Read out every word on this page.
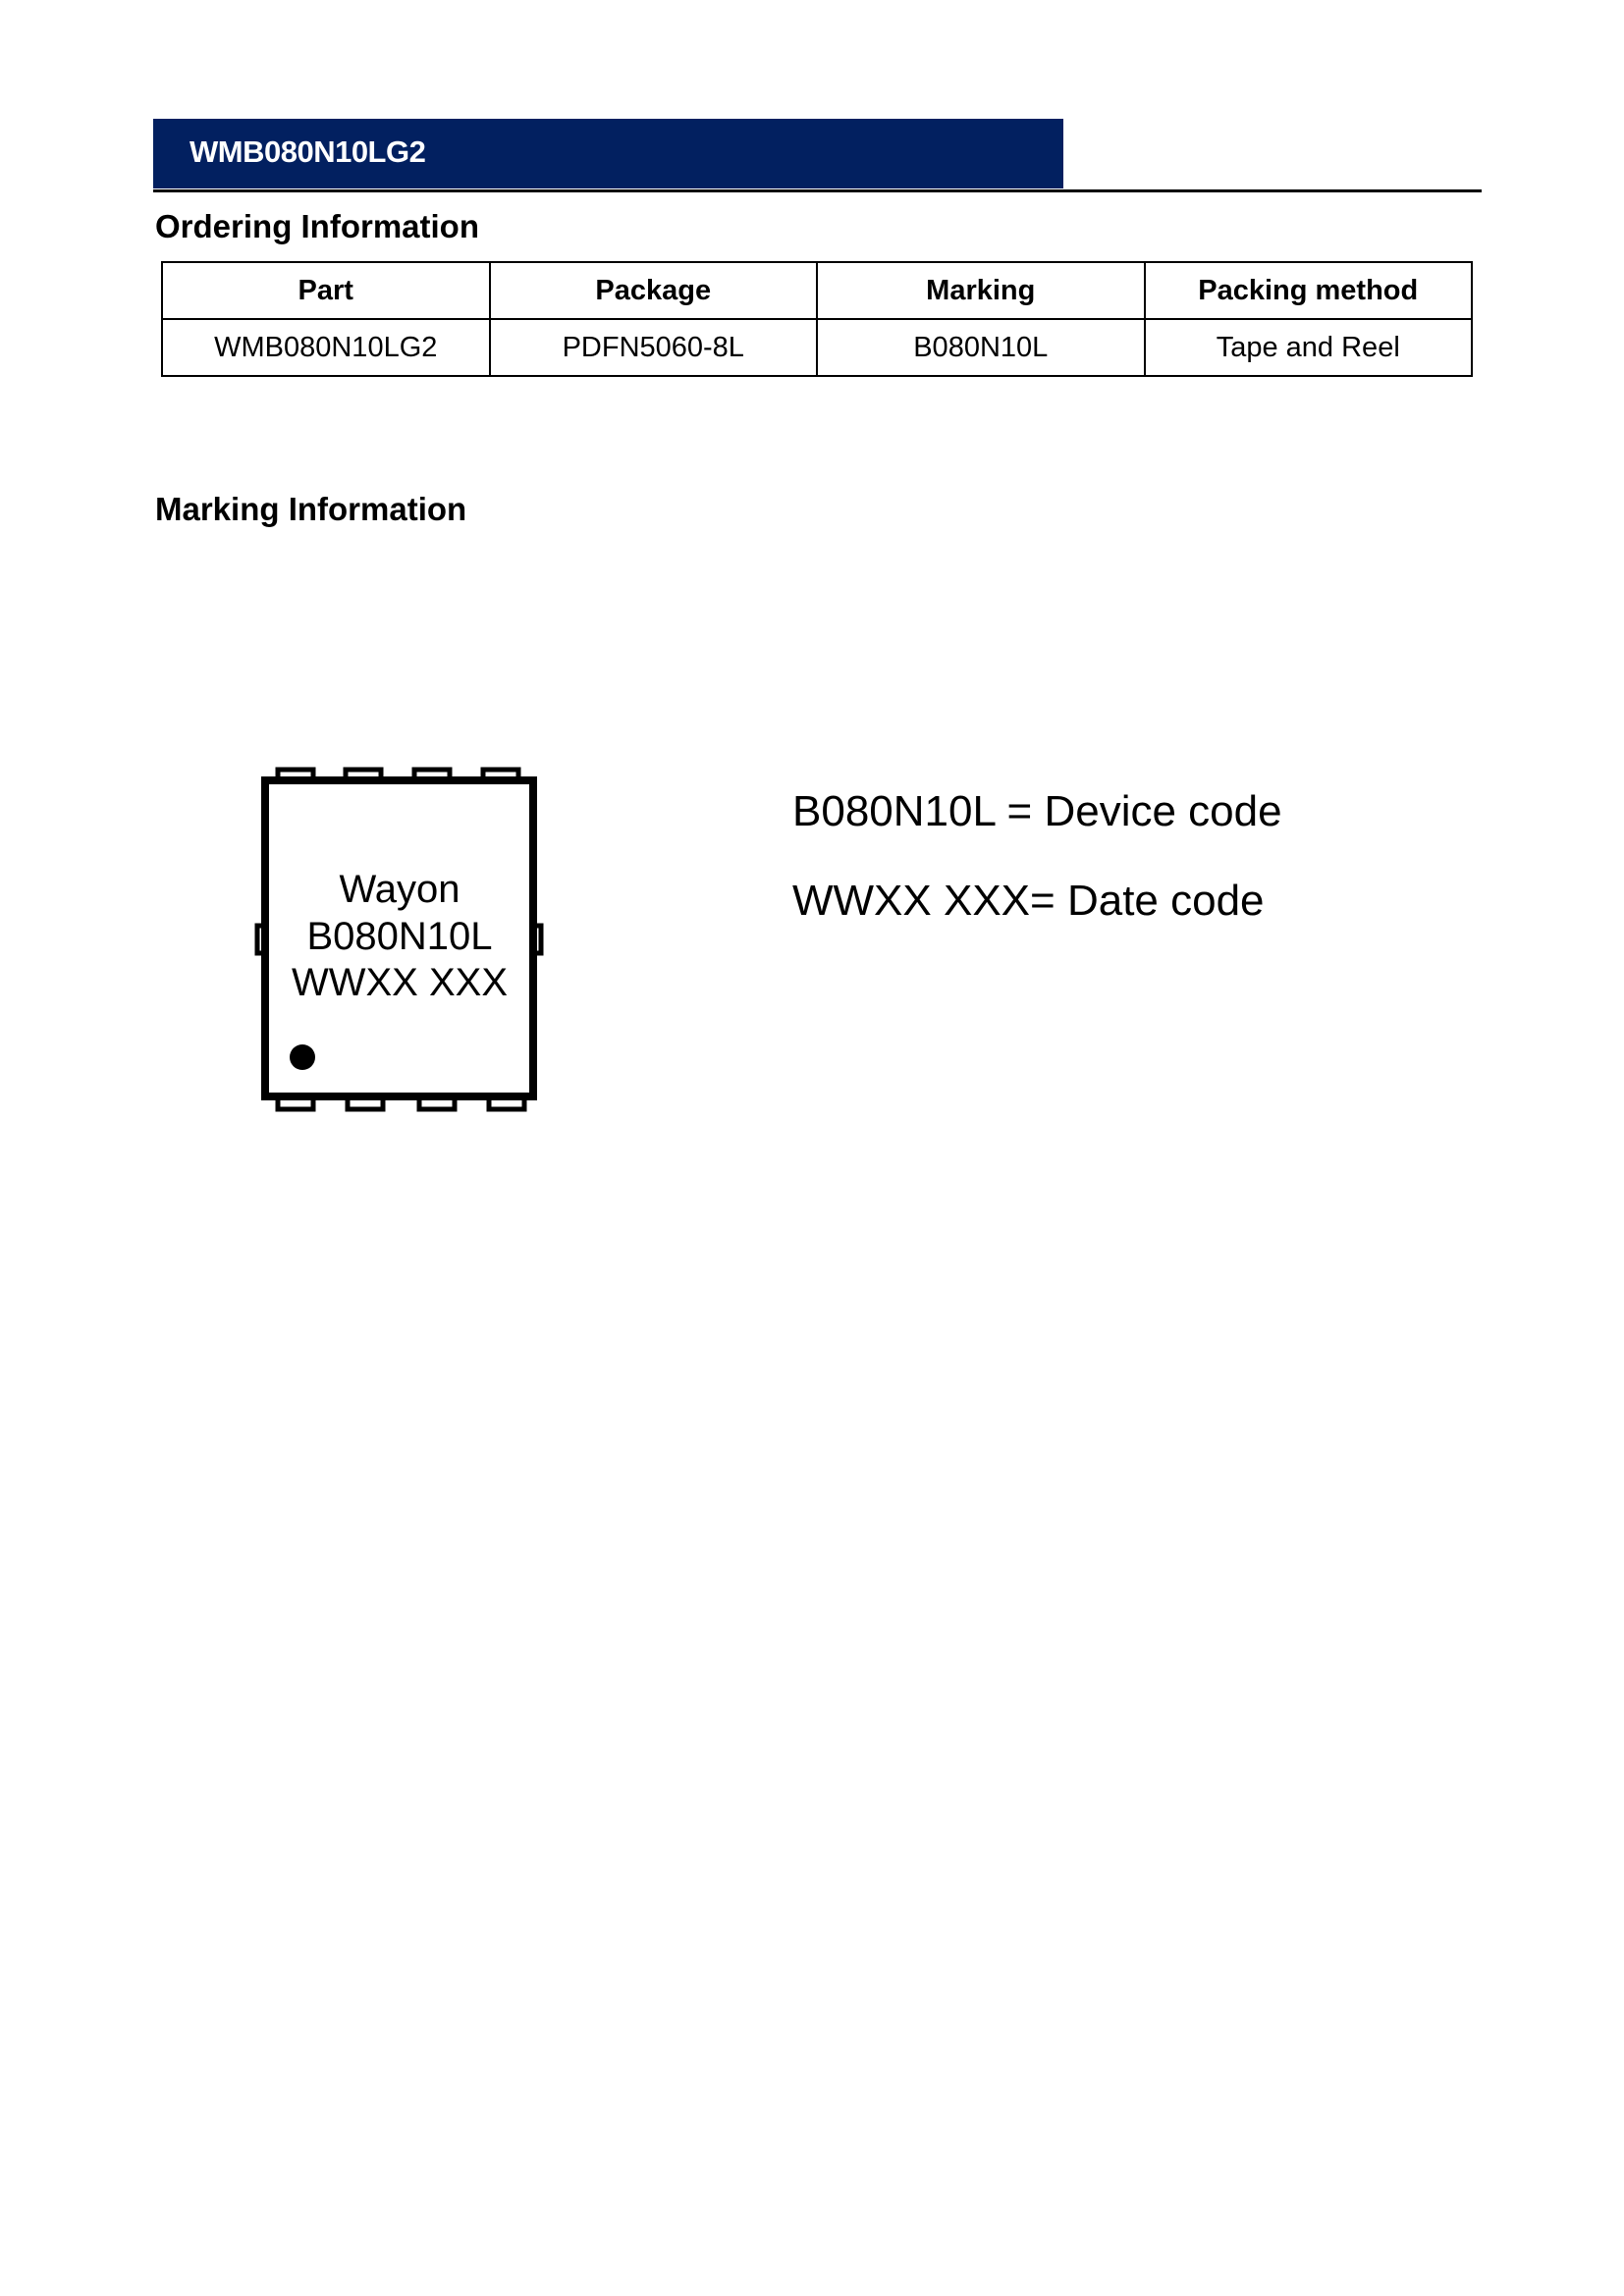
WMB080N10LG2
Ordering Information
Part	Package	Marking	Packing method
WMB080N10LG2	PDFN5060-8L	B080N10L	Tape and Reel
Marking Information
Wayon
B080N10L
WWXX XXX
B080N10L = Device code
WWXX XXX= Date code
